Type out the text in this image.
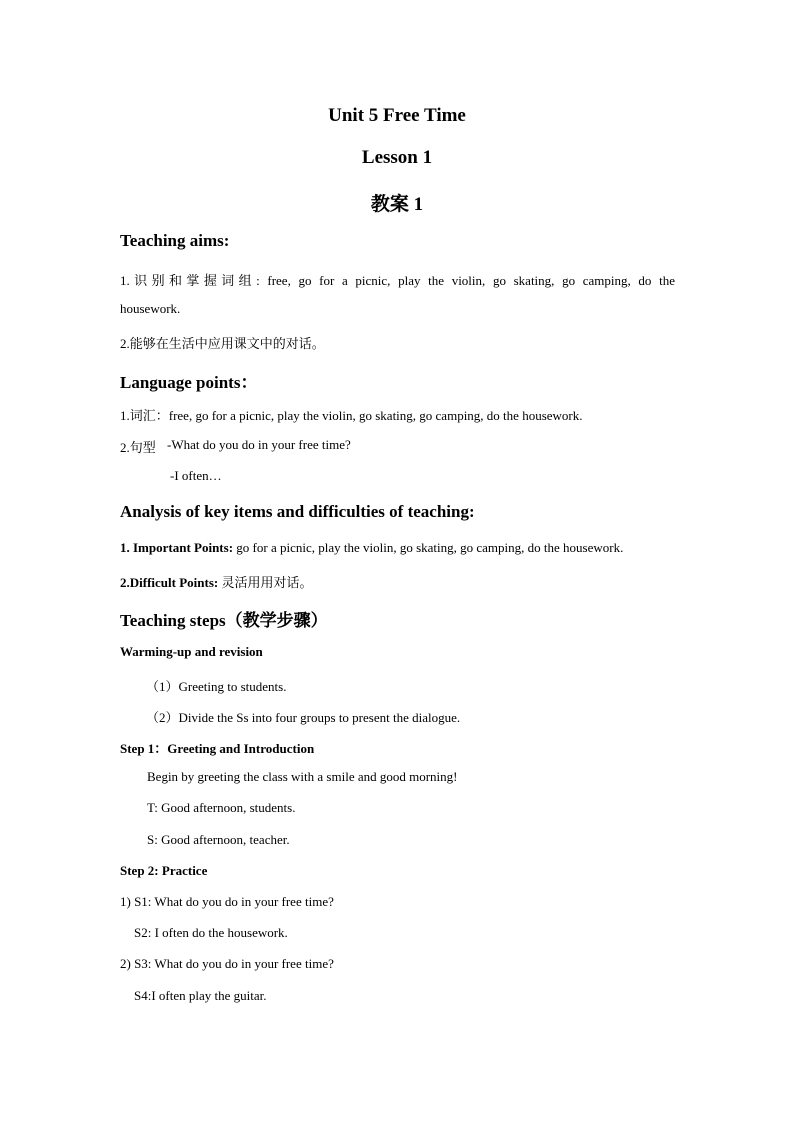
Unit 5 Free Time
Lesson 1
教案 1
Teaching aims:

1.识别和掌握词组: free, go for a picnic, play the violin, go skating, go camping, do the

housework.

2.能够在生活中应用课文中的对话。

Language points：

1.词汇：free, go for a picnic, play the violin, go skating, go camping, do the housework.

2.句型 -What do you do in your free time?

-I often…

Analysis of key items and difficulties of teaching:

1. Important Points: go for a picnic, play the violin, go skating, go camping, do the housework.

2.Difficult Points: 灵活用用对话。

Teaching steps（教学步骤）
Warming-up and revision

（1）Greeting to students.

（2）Divide the Ss into four groups to present the dialogue.

Step 1：Greeting and Introduction

Begin by greeting the class with a smile and good morning!

T: Good afternoon, students.

S: Good afternoon, teacher.

Step 2: Practice

1) S1: What do you do in your free time?

S2: I often do the housework.

2) S3: What do you do in your free time?

S4:I often play the guitar.
